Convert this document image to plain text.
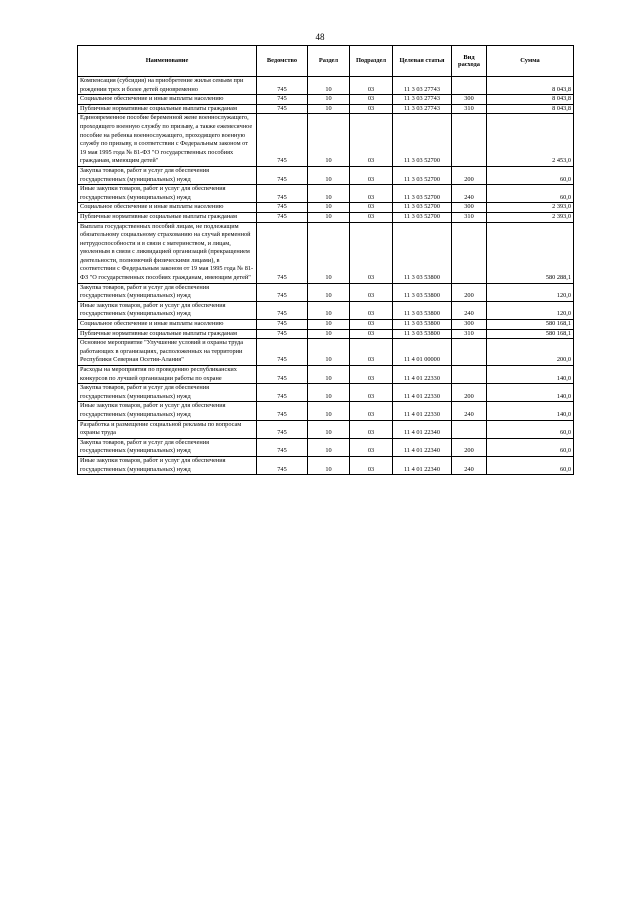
48
Наименование	Ведомство	Раздел	Подраздел	Целевая статья	Вид расхода	Сумма
Компенсация (субсидия) на приобретение жилья семьям при рождении трех и более детей одновременно	745	10	03	11 3 03 27743		8 043,8
Социальное обеспечение и иные выплаты населению	745	10	03	11 3 03 27743	300	8 043,8
Публичные нормативные социальные выплаты гражданам	745	10	03	11 3 03 27743	310	8 043,8
Единовременное пособие беременной жене военнослужащего, проходящего военную службу по призыву, а также ежемесячное пособие на ребенка военнослужащего, проходящего военную службу по призыву, в соответствии с Федеральным законом от 19 мая 1995 года № 81-ФЗ "О государственных пособиях гражданам, имеющим детей"	745	10	03	11 3 03 52700		2 453,0
Закупка товаров, работ и услуг для обеспечения государственных (муниципальных) нужд	745	10	03	11 3 03 52700	200	60,0
Иные закупки товаров, работ и услуг для обеспечения государственных (муниципальных) нужд	745	10	03	11 3 03 52700	240	60,0
Социальное обеспечение и иные выплаты населению	745	10	03	11 3 03 52700	300	2 393,0
Публичные нормативные социальные выплаты гражданам	745	10	03	11 3 03 52700	310	2 393,0
Выплата государственных пособий лицам, не подлежащим обязательному социальному страхованию на случай временной нетрудоспособности и в связи с материнством, и лицам, уволенным в связи с ликвидацией организаций (прекращением деятельности, полномочий физическими лицами), в соответствии с Федеральным законом от 19 мая 1995 года № 81-ФЗ "О государственных пособиях гражданам, имеющим детей"	745	10	03	11 3 03 53800		580 288,1
Закупка товаров, работ и услуг для обеспечения государственных (муниципальных) нужд	745	10	03	11 3 03 53800	200	120,0
Иные закупки товаров, работ и услуг для обеспечения государственных (муниципальных) нужд	745	10	03	11 3 03 53800	240	120,0
Социальное обеспечение и иные выплаты населению	745	10	03	11 3 03 53800	300	580 168,1
Публичные нормативные социальные выплаты гражданам	745	10	03	11 3 03 53800	310	580 168,1
Основное мероприятие "Улучшение условий и охраны труда работающих в организациях, расположенных на территории Республики Северная Осетия-Алания"	745	10	03	11 4 01 00000		200,0
Расходы на мероприятия по проведению республиканских конкурсов по лучшей организации работы по охране	745	10	03	11 4 01 22330		140,0
Закупка товаров, работ и услуг для обеспечения государственных (муниципальных) нужд	745	10	03	11 4 01 22330	200	140,0
Иные закупки товаров, работ и услуг для обеспечения государственных (муниципальных) нужд	745	10	03	11 4 01 22330	240	140,0
Разработка и размещение социальной рекламы по вопросам охраны труда	745	10	03	11 4 01 22340		60,0
Закупка товаров, работ и услуг для обеспечения государственных (муниципальных) нужд	745	10	03	11 4 01 22340	200	60,0
Иные закупки товаров, работ и услуг для обеспечения государственных (муниципальных) нужд	745	10	03	11 4 01 22340	240	60,0
